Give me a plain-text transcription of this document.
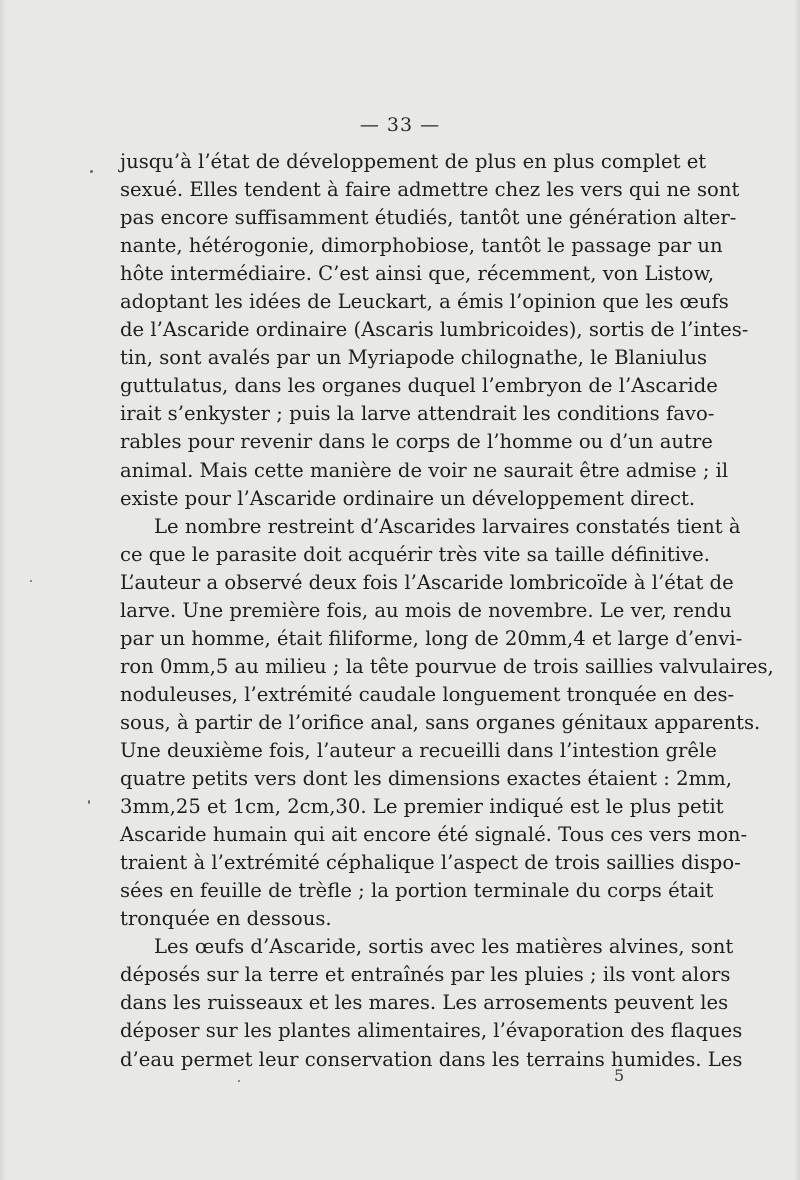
— 33 —
jusqu’à l’état de développement de plus en plus complet et
sexué. Elles tendent à faire admettre chez les vers qui ne sont
pas encore suffisamment étudiés, tantôt une génération alter-
nante, hétérogonie, dimorphobiose, tantôt le passage par un
hôte intermédiaire. C’est ainsi que, récemment, von Listow,
adoptant les idées de Leuckart, a émis l’opinion que les œufs
de l’Ascaride ordinaire (Ascaris lumbricoides), sortis de l’intes-
tin, sont avalés par un Myriapode chilognathe, le Blaniulus
guttulatus, dans les organes duquel l’embryon de l’Ascaride
irait s’enkyster ; puis la larve attendrait les conditions favo-
rables pour revenir dans le corps de l’homme ou d’un autre
animal. Mais cette manière de voir ne saurait être admise ; il
existe pour l’Ascaride ordinaire un développement direct.
Le nombre restreint d’Ascarides larvaires constatés tient à
ce que le parasite doit acquérir très vite sa taille définitive.
L’auteur a observé deux fois l’Ascaride lombricoïde à l’état de
larve. Une première fois, au mois de novembre. Le ver, rendu
par un homme, était filiforme, long de 20mm,4 et large d’envi-
ron 0mm,5 au milieu ; la tête pourvue de trois saillies valvulaires,
noduleuses, l’extrémité caudale longuement tronquée en des-
sous, à partir de l’orifice anal, sans organes génitaux apparents.
Une deuxième fois, l’auteur a recueilli dans l’intestion grêle
quatre petits vers dont les dimensions exactes étaient : 2mm,
3mm,25 et 1cm, 2cm,30. Le premier indiqué est le plus petit
Ascaride humain qui ait encore été signalé. Tous ces vers mon-
traient à l’extrémité céphalique l’aspect de trois saillies dispo-
sées en feuille de trèfle ; la portion terminale du corps était
tronquée en dessous.
Les œufs d’Ascaride, sortis avec les matières alvines, sont
déposés sur la terre et entraînés par les pluies ; ils vont alors
dans les ruisseaux et les mares. Les arrosements peuvent les
déposer sur les plantes alimentaires, l’évaporation des flaques
d’eau permet leur conservation dans les terrains humides. Les
5
